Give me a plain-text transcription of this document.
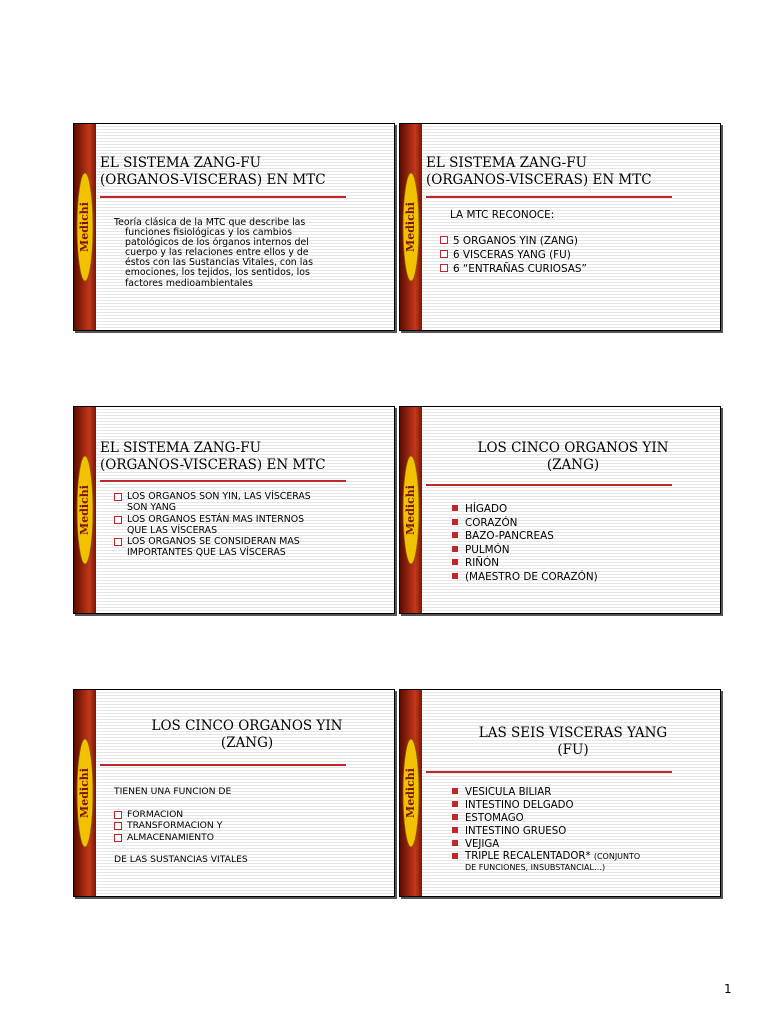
Medichi
EL SISTEMA ZANG-FU
(ORGANOS-VISCERAS) EN MTC
Teoría clásica de la MTC que describe las
funciones fisiológicas y los cambios
patológicos de los órganos internos del
cuerpo y las relaciones entre ellos y de
éstos con las Sustancias Vitales, con las
emociones, los tejidos, los sentidos, los
factores medioambientales
Medichi
EL SISTEMA ZANG-FU
(ORGANOS-VISCERAS) EN MTC
LA MTC RECONOCE:
5 ORGANOS YIN (ZANG)
6 VISCERAS YANG (FU)
6 “ENTRAÑAS CURIOSAS”
Medichi
EL SISTEMA ZANG-FU
(ORGANOS-VISCERAS) EN MTC
LOS ORGANOS SON YIN, LAS VÍSCERAS
SON YANG
LOS ORGANOS ESTÁN MAS INTERNOS
QUE LAS VÍSCERAS
LOS ORGANOS SE CONSIDERAN MAS
IMPORTANTES QUE LAS VÍSCERAS
Medichi
LOS CINCO ORGANOS YIN
(ZANG)
HÍGADO
CORAZÓN
BAZO-PANCREAS
PULMÓN
RIÑÓN
(MAESTRO DE CORAZÓN)
Medichi
LOS CINCO ORGANOS YIN
(ZANG)
TIENEN UNA FUNCION DE
FORMACION
TRANSFORMACION Y
ALMACENAMIENTO
DE LAS SUSTANCIAS VITALES
Medichi
LAS SEIS VISCERAS YANG
(FU)
VESICULA BILIAR
INTESTINO DELGADO
ESTOMAGO
INTESTINO GRUESO
VEJIGA
TRIPLE RECALENTADOR* (CONJUNTO
DE FUNCIONES, INSUBSTANCIAL…)
1
